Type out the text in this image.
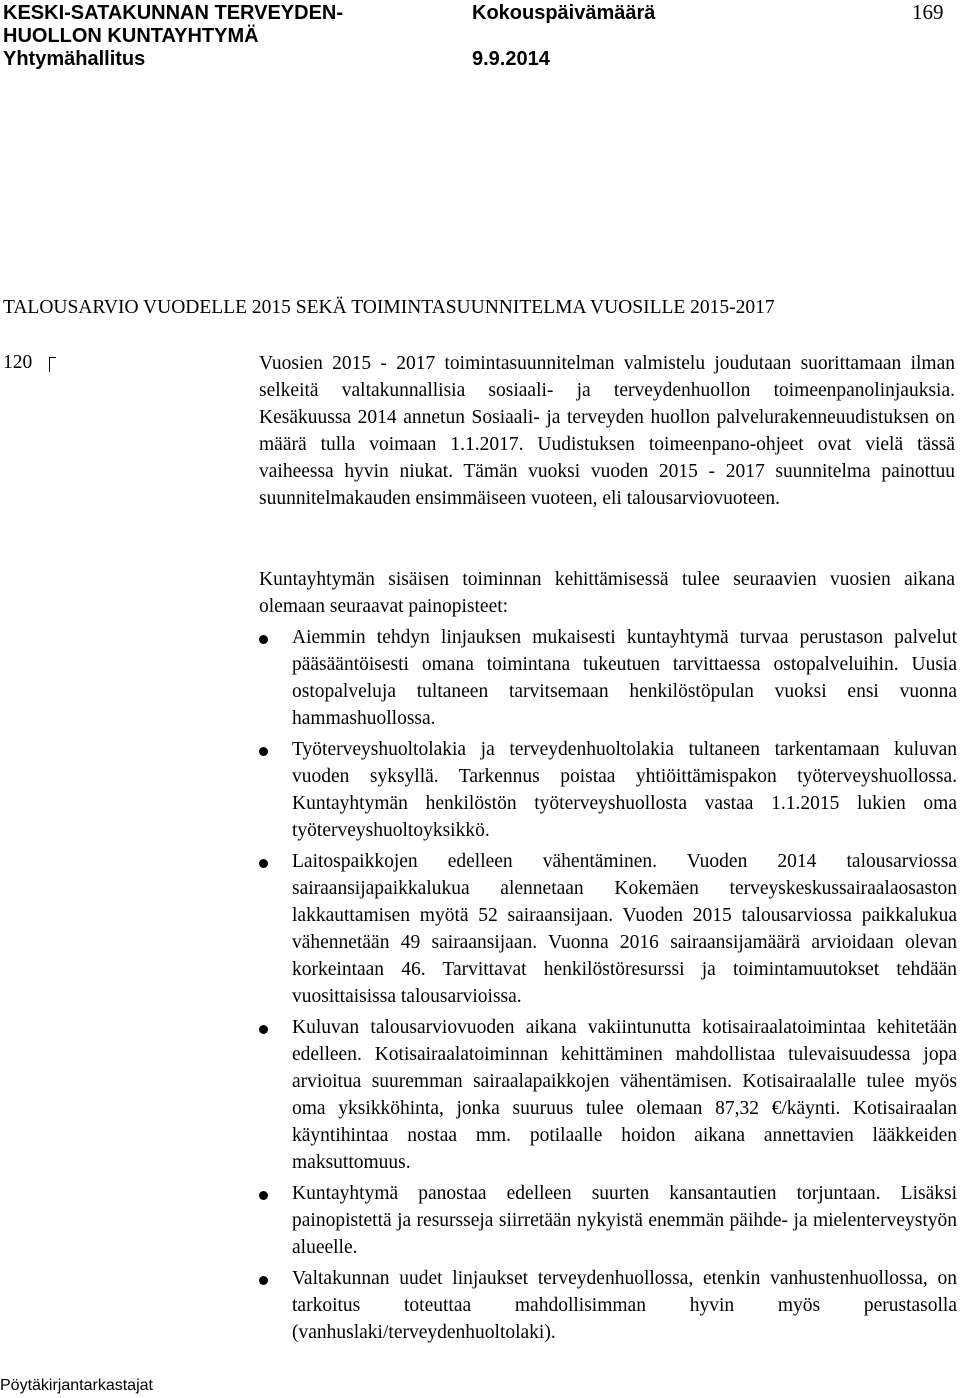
KESKI-SATAKUNNAN TERVEYDEN-
HUOLLON KUNTAYHTYMÄ
Yhtymähallitus
Kokouspäivämäärä
9.9.2014
169
TALOUSARVIO VUODELLE 2015 SEKÄ TOIMINTASUUNNITELMA VUOSILLE 2015-2017
120	Vuosien 2015 - 2017 toimintasuunnitelman valmistelu joudutaan suorittamaan ilman selkeitä valtakunnallisia sosiaali- ja terveydenhuollon toimeenpanolinjauksia. Kesäkuussa 2014 annetun Sosiaali- ja terveyden huollon palvelurakenneuudistuksen on määrä tulla voimaan 1.1.2017. Uudistuksen toimeenpano-ohjeet ovat vielä tässä vaiheessa hyvin niukat. Tämän vuoksi vuoden 2015 - 2017 suunnitelma painottuu suunnitelmakauden ensimmäiseen vuoteen, eli talousarviovuoteen.
Kuntayhtymän sisäisen toiminnan kehittämisessä tulee seuraavien vuosien aikana olemaan seuraavat painopisteet:
Aiemmin tehdyn linjauksen mukaisesti kuntayhtymä turvaa perustason palvelut pääsääntöisesti omana toimintana tukeutuen tarvittaessa ostopalveluihin. Uusia ostopalveluja tultaneen tarvitsemaan henkilöstöpulan vuoksi ensi vuonna hammashuollossa.
Työterveyshuoltolakia ja terveydenhuoltolakia tultaneen tarkentamaan kuluvan vuoden syksyllä. Tarkennus poistaa yhtiöittämispakon työterveyshuollossa. Kuntayhtymän henkilöstön työterveyshuollosta vastaa 1.1.2015 lukien oma työterveyshuoltoyksikkö.
Laitospaikkojen edelleen vähentäminen. Vuoden 2014 talousarviossa sairaansijapaikkalukua alennetaan Kokemäen terveyskeskussairaalaosaston lakkauttamisen myötä 52 sairaansijaan. Vuoden 2015 talousarviossa paikkalukua vähennetään 49 sairaansijaan. Vuonna 2016 sairaansijamäärä arvioidaan olevan korkeintaan 46. Tarvittavat henkilöstöresurssi ja toimintamuutokset tehdään vuosittaisissa talousarvioissa.
Kuluvan talousarviovuoden aikana vakiintunutta kotisairaalatoimintaa kehitetään edelleen. Kotisairaalatoiminnan kehittäminen mahdollistaa tulevaisuudessa jopa arvioitua suuremman sairaalapaikkojen vähentämisen. Kotisairaalalle tulee myös oma yksikköhinta, jonka suuruus tulee olemaan 87,32 €/käynti. Kotisairaalan käyntihintaa nostaa mm. potilaalle hoidon aikana annettavien lääkkeiden maksuttomuus.
Kuntayhtymä panostaa edelleen suurten kansantautien torjuntaan. Lisäksi painopistettä ja resursseja siirretään nykyistä enemmän päihde- ja mielenterveystyön alueelle.
Valtakunnan uudet linjaukset terveydenhuollossa, etenkin vanhustenhuollossa, on tarkoitus toteuttaa mahdollisimman hyvin myös perustasolla (vanhuslaki/terveydenhuoltolaki).
Pöytäkirjantarkastajat
